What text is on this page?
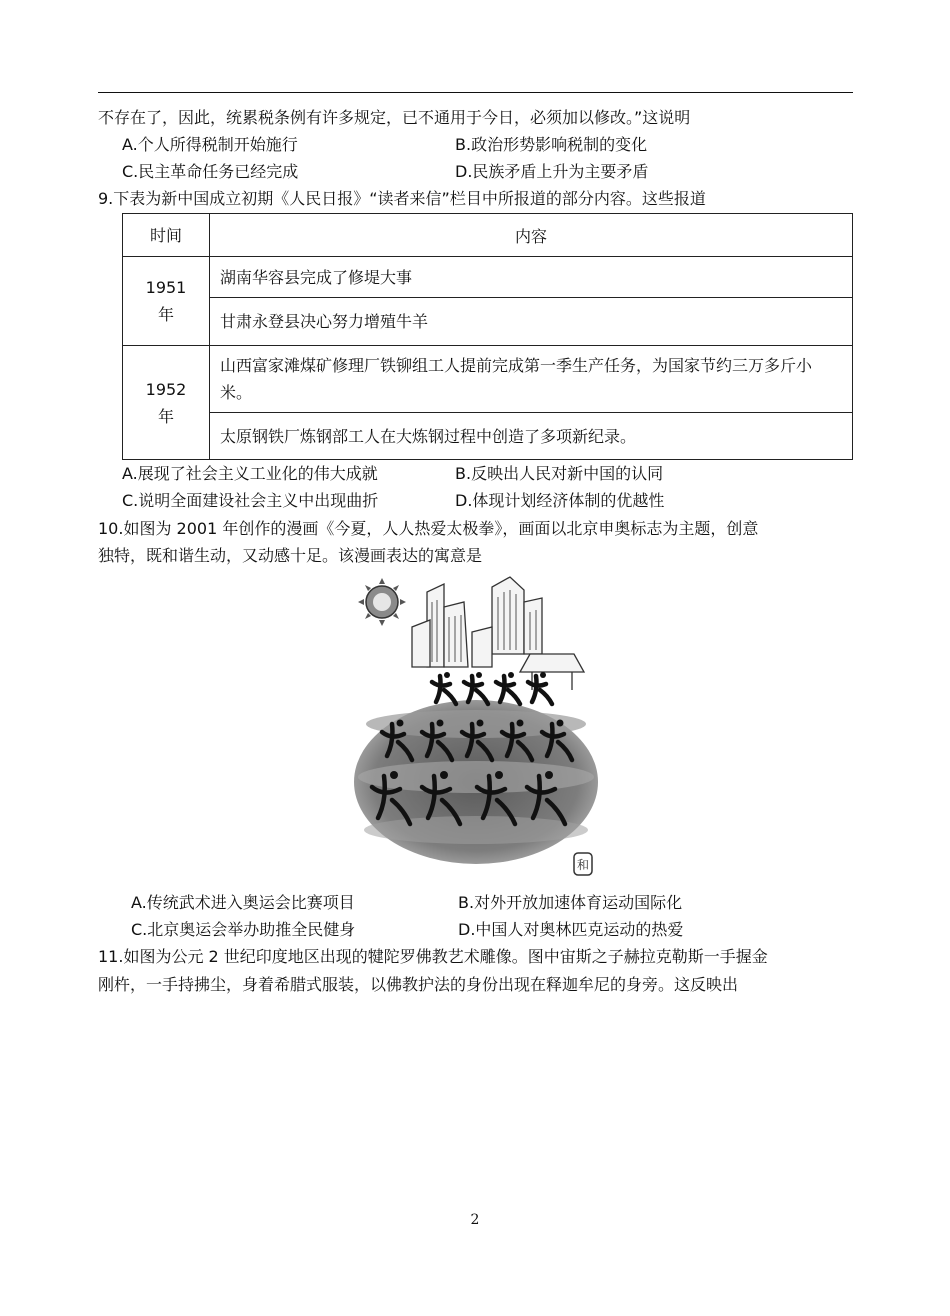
不存在了，因此，统累税条例有许多规定，已不通用于今日，必须加以修改。”这说明
A.个人所得税制开始施行	B.政治形势影响税制的变化
C.民主革命任务已经完成	D.民族矛盾上升为主要矛盾
9.下表为新中国成立初期《人民日报》“读者来信”栏目中所报道的部分内容。这些报道
时间	内容
1951
年	湖南华容县完成了修堤大事
	甘肃永登县决心努力增殖牛羊
1952
年	山西富家滩煤矿修理厂铁铆组工人提前完成第一季生产任务，为国家节约三万多斤小米。
	太原钢铁厂炼钢部工人在大炼钢过程中创造了多项新纪录。
A.展现了社会主义工业化的伟大成就	B.反映出人民对新中国的认同
C.说明全面建设社会主义中出现曲折	D.体现计划经济体制的优越性
10.如图为 2001 年创作的漫画《今夏，人人热爱太极拳》，画面以北京申奥标志为主题，创意
独特，既和谐生动，又动感十足。该漫画表达的寓意是
和
A.传统武术进入奥运会比赛项目	B.对外开放加速体育运动国际化
C.北京奥运会举办助推全民健身	D.中国人对奥林匹克运动的热爱
11.如图为公元 2 世纪印度地区出现的犍陀罗佛教艺术雕像。图中宙斯之子赫拉克勒斯一手握金
刚杵，一手持拂尘，身着希腊式服装，以佛教护法的身份出现在释迦牟尼的身旁。这反映出
2
